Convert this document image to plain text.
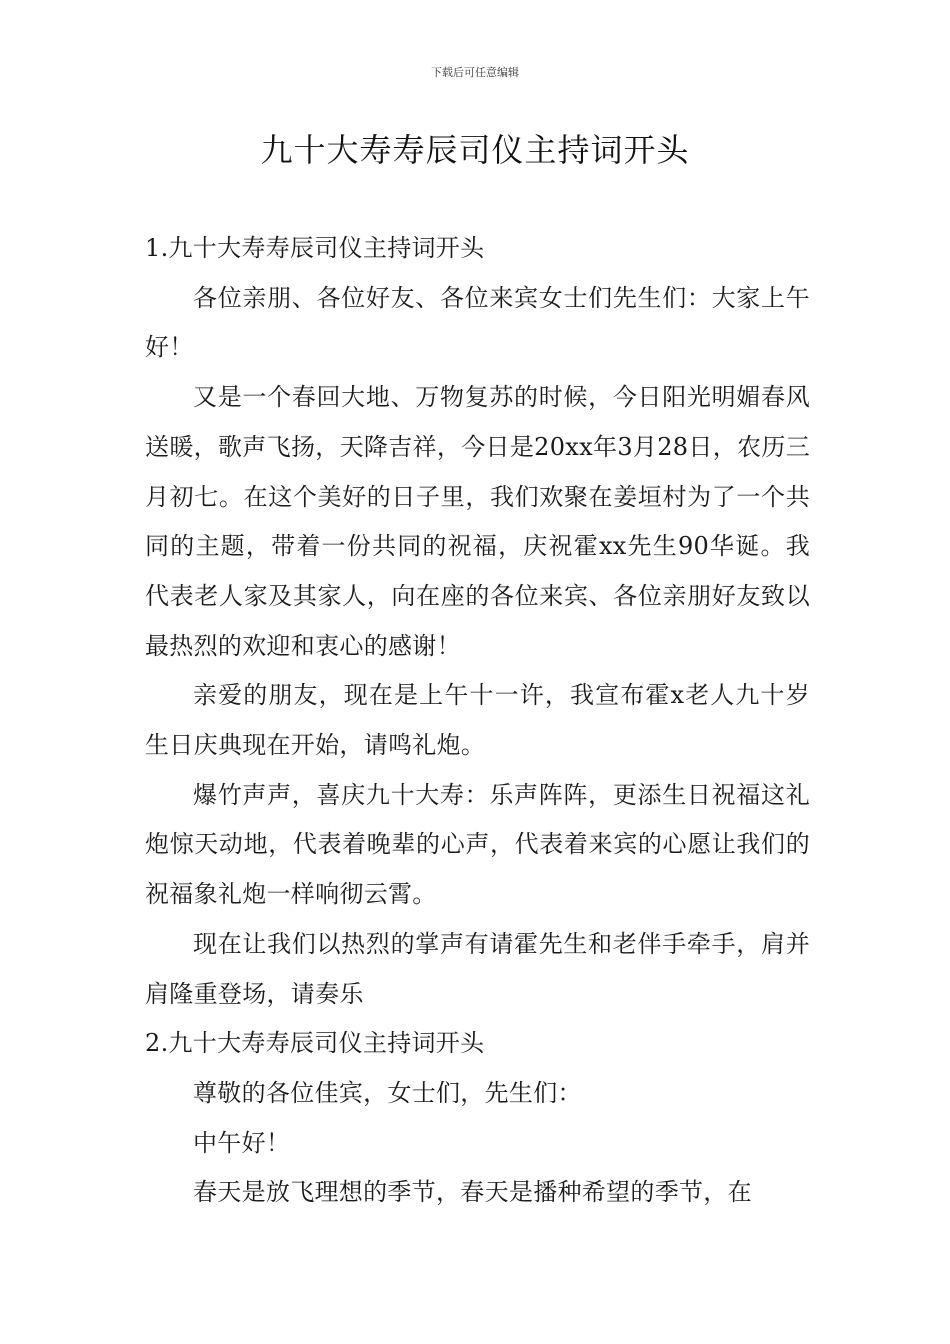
下载后可任意编辑
九十大寿寿辰司仪主持词开头

1.九十大寿寿辰司仪主持词开头

各位亲朋、各位好友、各位来宾女士们先生们：大家上午好！

又是一个春回大地、万物复苏的时候，今日阳光明媚春风送暖，歌声飞扬，天降吉祥，今日是20xx年3月28日，农历三月初七。在这个美好的日子里，我们欢聚在姜垣村为了一个共同的主题，带着一份共同的祝福，庆祝霍xx先生90华诞。我代表老人家及其家人，向在座的各位来宾、各位亲朋好友致以最热烈的欢迎和衷心的感谢！

亲爱的朋友，现在是上午十一许，我宣布霍x老人九十岁生日庆典现在开始，请鸣礼炮。

爆竹声声，喜庆九十大寿：乐声阵阵，更添生日祝福这礼炮惊天动地，代表着晚辈的心声，代表着来宾的心愿让我们的祝福象礼炮一样响彻云霄。

现在让我们以热烈的掌声有请霍先生和老伴手牵手，肩并肩隆重登场，请奏乐

2.九十大寿寿辰司仪主持词开头

尊敬的各位佳宾，女士们，先生们：

中午好！

春天是放飞理想的季节，春天是播种希望的季节，在
